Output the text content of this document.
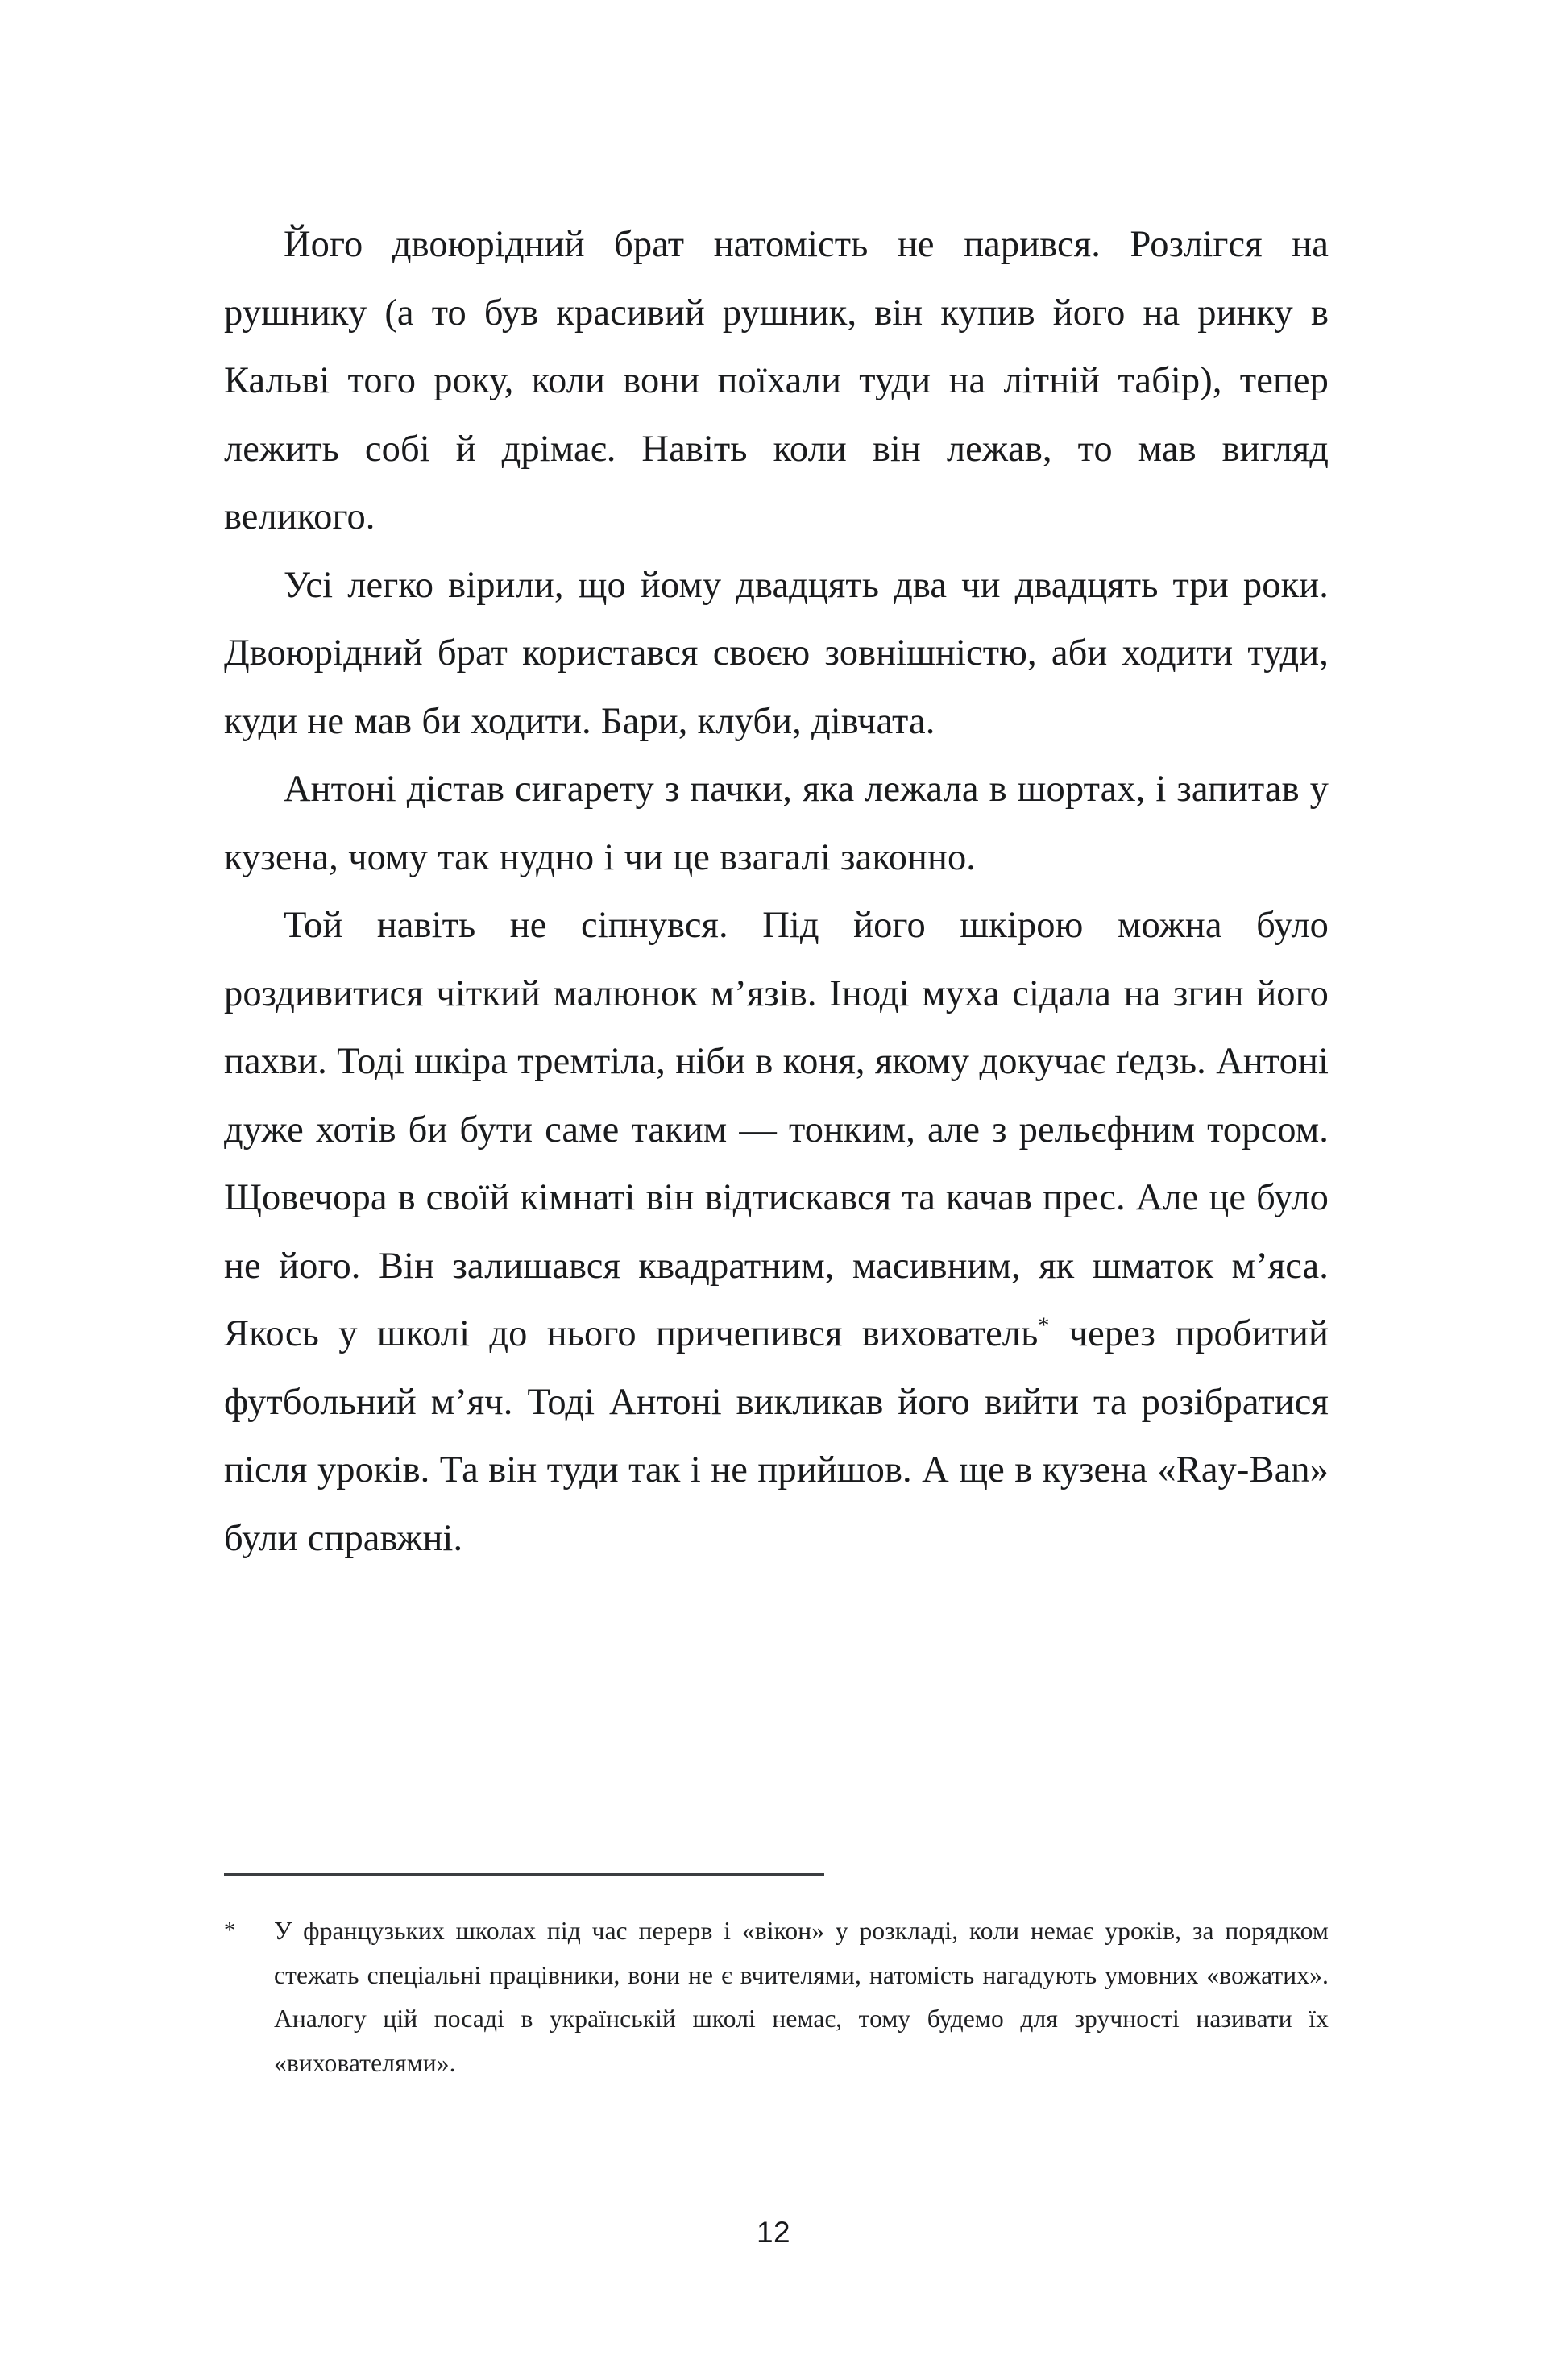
Його двоюрідний брат натомість не парився. Розлігся на рушнику (а то був красивий рушник, він купив його на ринку в Кальві того року, коли вони поїхали туди на літній табір), тепер лежить собі й дрімає. Навіть коли він лежав, то мав вигляд великого.

Усі легко вірили, що йому двадцять два чи двадцять три роки. Двоюрідний брат користався своєю зовнішністю, аби ходити туди, куди не мав би ходити. Бари, клуби, дівчата.

Антоні дістав сигарету з пачки, яка лежала в шортах, і запитав у кузена, чому так нудно і чи це взагалі законно.

Той навіть не сіпнувся. Під його шкірою можна було роздивитися чіткий малюнок м’язів. Іноді муха сідала на згин його пахви. Тоді шкіра тремтіла, ніби в коня, якому докучає ґедзь. Антоні дуже хотів би бути саме таким — тонким, але з рельєфним торсом. Щовечора в своїй кімнаті він відтискався та качав прес. Але це було не його. Він залишався квадратним, масивним, як шматок м’яса. Якось у школі до нього причепився вихователь* через пробитий футбольний м’яч. Тоді Антоні викликав його вийти та розібратися після уроків. Та він туди так і не прийшов. А ще в кузена «Ray-Ban» були справжні.

*	У французьких школах під час перерв і «вікон» у розкладі, коли немає уроків, за порядком стежать спеціальні працівники, вони не є вчителями, натомість нагадують умовних «вожатих». Аналогу цій посаді в українській школі немає, тому будемо для зручності називати їх «вихователями».

12
